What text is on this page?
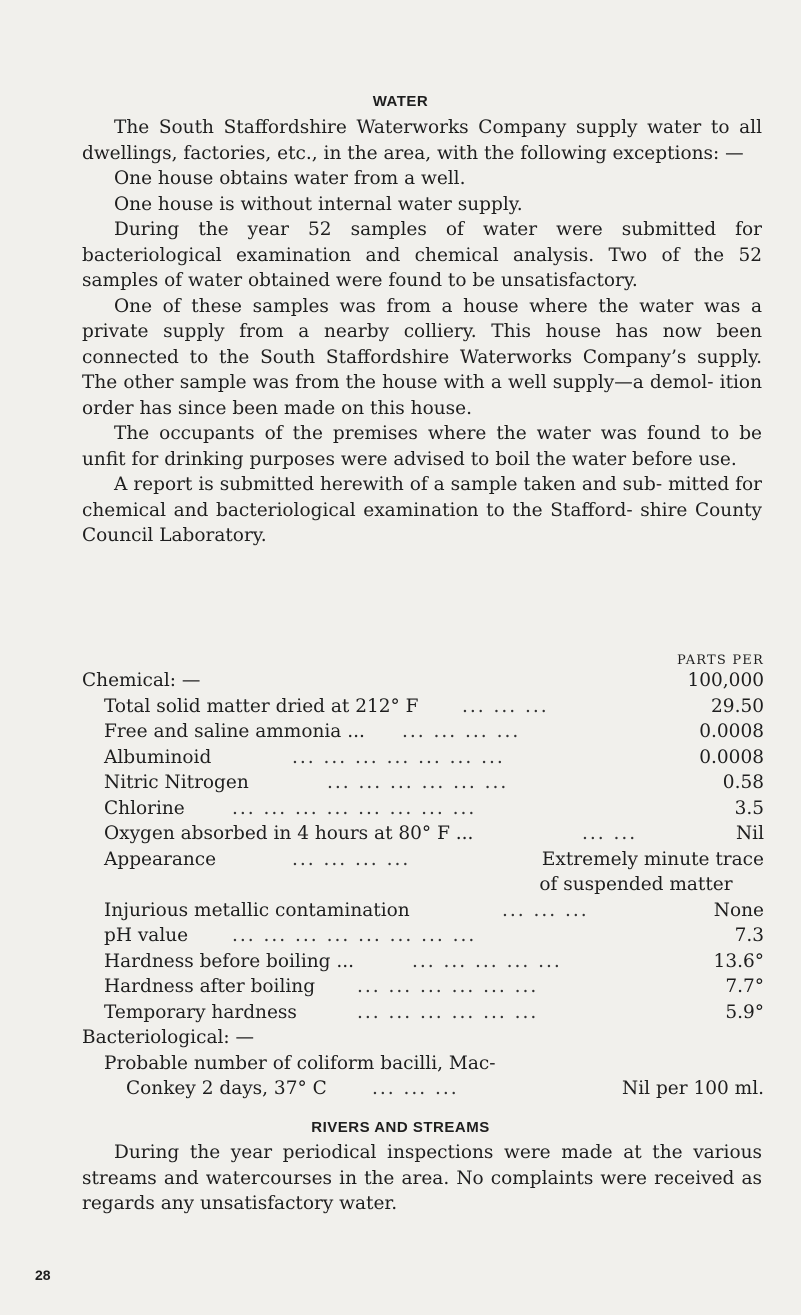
WATER

The South Staffordshire Waterworks Company supply water to all dwellings, factories, etc., in the area, with the following exceptions: —

One house obtains water from a well.

One house is without internal water supply.

During the year 52 samples of water were submitted for bacteriological examination and chemical analysis. Two of the 52 samples of water obtained were found to be unsatisfactory.

One of these samples was from a house where the water was a private supply from a nearby colliery. This house has now been connected to the South Staffordshire Waterworks Company’s supply. The other sample was from the house with a well supply—a demol- ition order has since been made on this house.

The occupants of the premises where the water was found to be unfit for drinking purposes were advised to boil the water before use.

A report is submitted herewith of a sample taken and sub- mitted for chemical and bacteriological examination to the Stafford- shire County Council Laboratory.

PARTS PER
Chemical: —	100,000
Total solid matter dried at 212° F ... ... ...	29.50
Free and saline ammonia ... ... ... ... ...	0.0008
Albuminoid	... ... ... ... ... ... ...	0.0008
Nitric Nitrogen	... ... ... ... ... ...	0.58
Chlorine	... ... ... ... ... ... ... ...	3.5
Oxygen absorbed in 4 hours at 80° F ...	... ...	Nil
Appearance	... ... ... ...	Extremely minute trace
of suspended matter
Injurious metallic contamination	... ... ...	None
pH value ... ... ... ... ... ... ... ...	7.3
Hardness before boiling ...	... ... ... ... ...	13.6°
Hardness after boiling ... ... ... ... ... ...	7.7°
Temporary hardness	... ... ... ... ... ...	5.9°
Bacteriological: —
Probable number of coliform bacilli, Mac-
Conkey 2 days, 37° C ... ... ...	Nil per 100 ml.
RIVERS AND STREAMS

During the year periodical inspections were made at the various streams and watercourses in the area. No complaints were received as regards any unsatisfactory water.

28
